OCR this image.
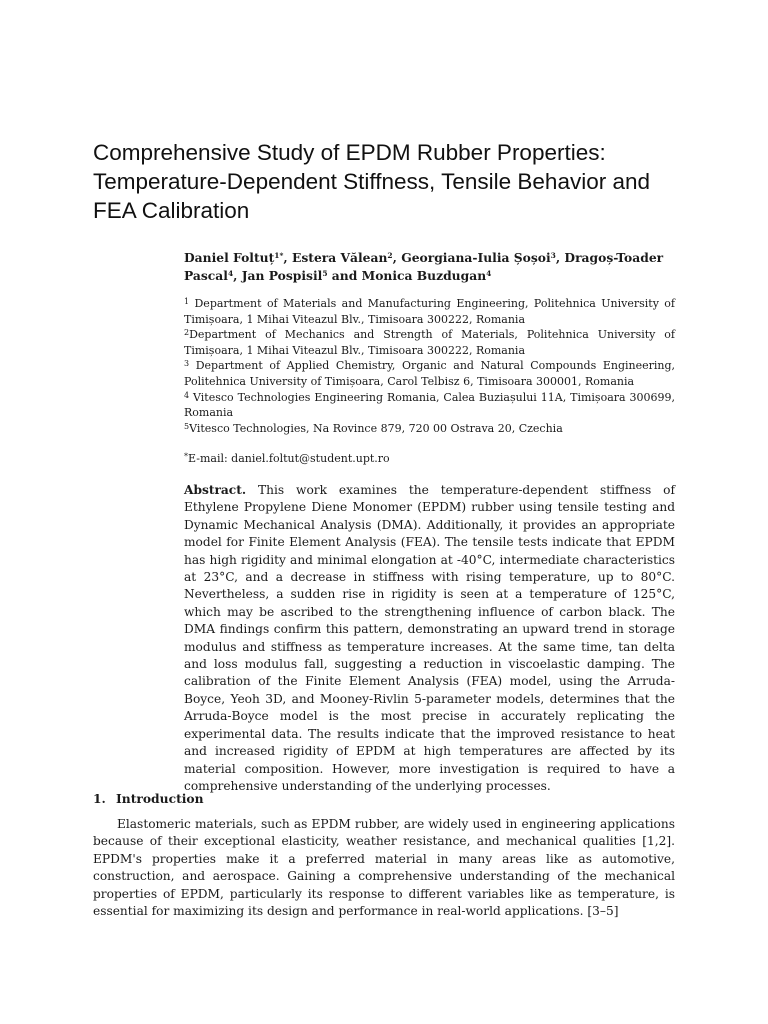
Comprehensive Study of EPDM Rubber Properties:
Temperature-Dependent Stiffness, Tensile Behavior and
FEA Calibration
Daniel Foltuț$^{1*}$, Estera Vălean$^2$, Georgiana-Iulia Șoșoi$^3$, Dragoș-Toader Pascal$^4$, Jan Pospisil$^5$ and Monica Buzdugan$^4$
$^1$ Department of Materials and Manufacturing Engineering, Politehnica University of Timișoara, 1 Mihai Viteazul Blv., Timisoara 300222, Romania
$^2$Department of Mechanics and Strength of Materials, Politehnica University of Timișoara, 1 Mihai Viteazul Blv., Timisoara 300222, Romania
$^3$ Department of Applied Chemistry, Organic and Natural Compounds Engineering, Politehnica University of Timișoara, Carol Telbisz 6, Timisoara 300001, Romania
$^4$ Vitesco Technologies Engineering Romania, Calea Buziașului 11A, Timișoara 300699, Romania
$^5$Vitesco Technologies, Na Rovince 879, 720 00 Ostrava 20, Czechia
*E-mail: daniel.foltut@student.upt.ro
Abstract. This work examines the temperature-dependent stiffness of Ethylene Propylene Diene Monomer (EPDM) rubber using tensile testing and Dynamic Mechanical Analysis (DMA). Additionally, it provides an appropriate model for Finite Element Analysis (FEA). The tensile tests indicate that EPDM has high rigidity and minimal elongation at -40°C, intermediate characteristics at 23°C, and a decrease in stiffness with rising temperature, up to 80°C. Nevertheless, a sudden rise in rigidity is seen at a temperature of 125°C, which may be ascribed to the strengthening influence of carbon black. The DMA findings confirm this pattern, demonstrating an upward trend in storage modulus and stiffness as temperature increases. At the same time, tan delta and loss modulus fall, suggesting a reduction in viscoelastic damping. The calibration of the Finite Element Analysis (FEA) model, using the Arruda-Boyce, Yeoh 3D, and Mooney-Rivlin 5-parameter models, determines that the Arruda-Boyce model is the most precise in accurately replicating the experimental data. The results indicate that the improved resistance to heat and increased rigidity of EPDM at high temperatures are affected by its material composition. However, more investigation is required to have a comprehensive understanding of the underlying processes.
1. Introduction
Elastomeric materials, such as EPDM rubber, are widely used in engineering applications because of their exceptional elasticity, weather resistance, and mechanical qualities [1,2]. EPDM's properties make it a preferred material in many areas like as automotive, construction, and aerospace. Gaining a comprehensive understanding of the mechanical properties of EPDM, particularly its response to different variables like as temperature, is essential for maximizing its design and performance in real-world applications. [3–5]
